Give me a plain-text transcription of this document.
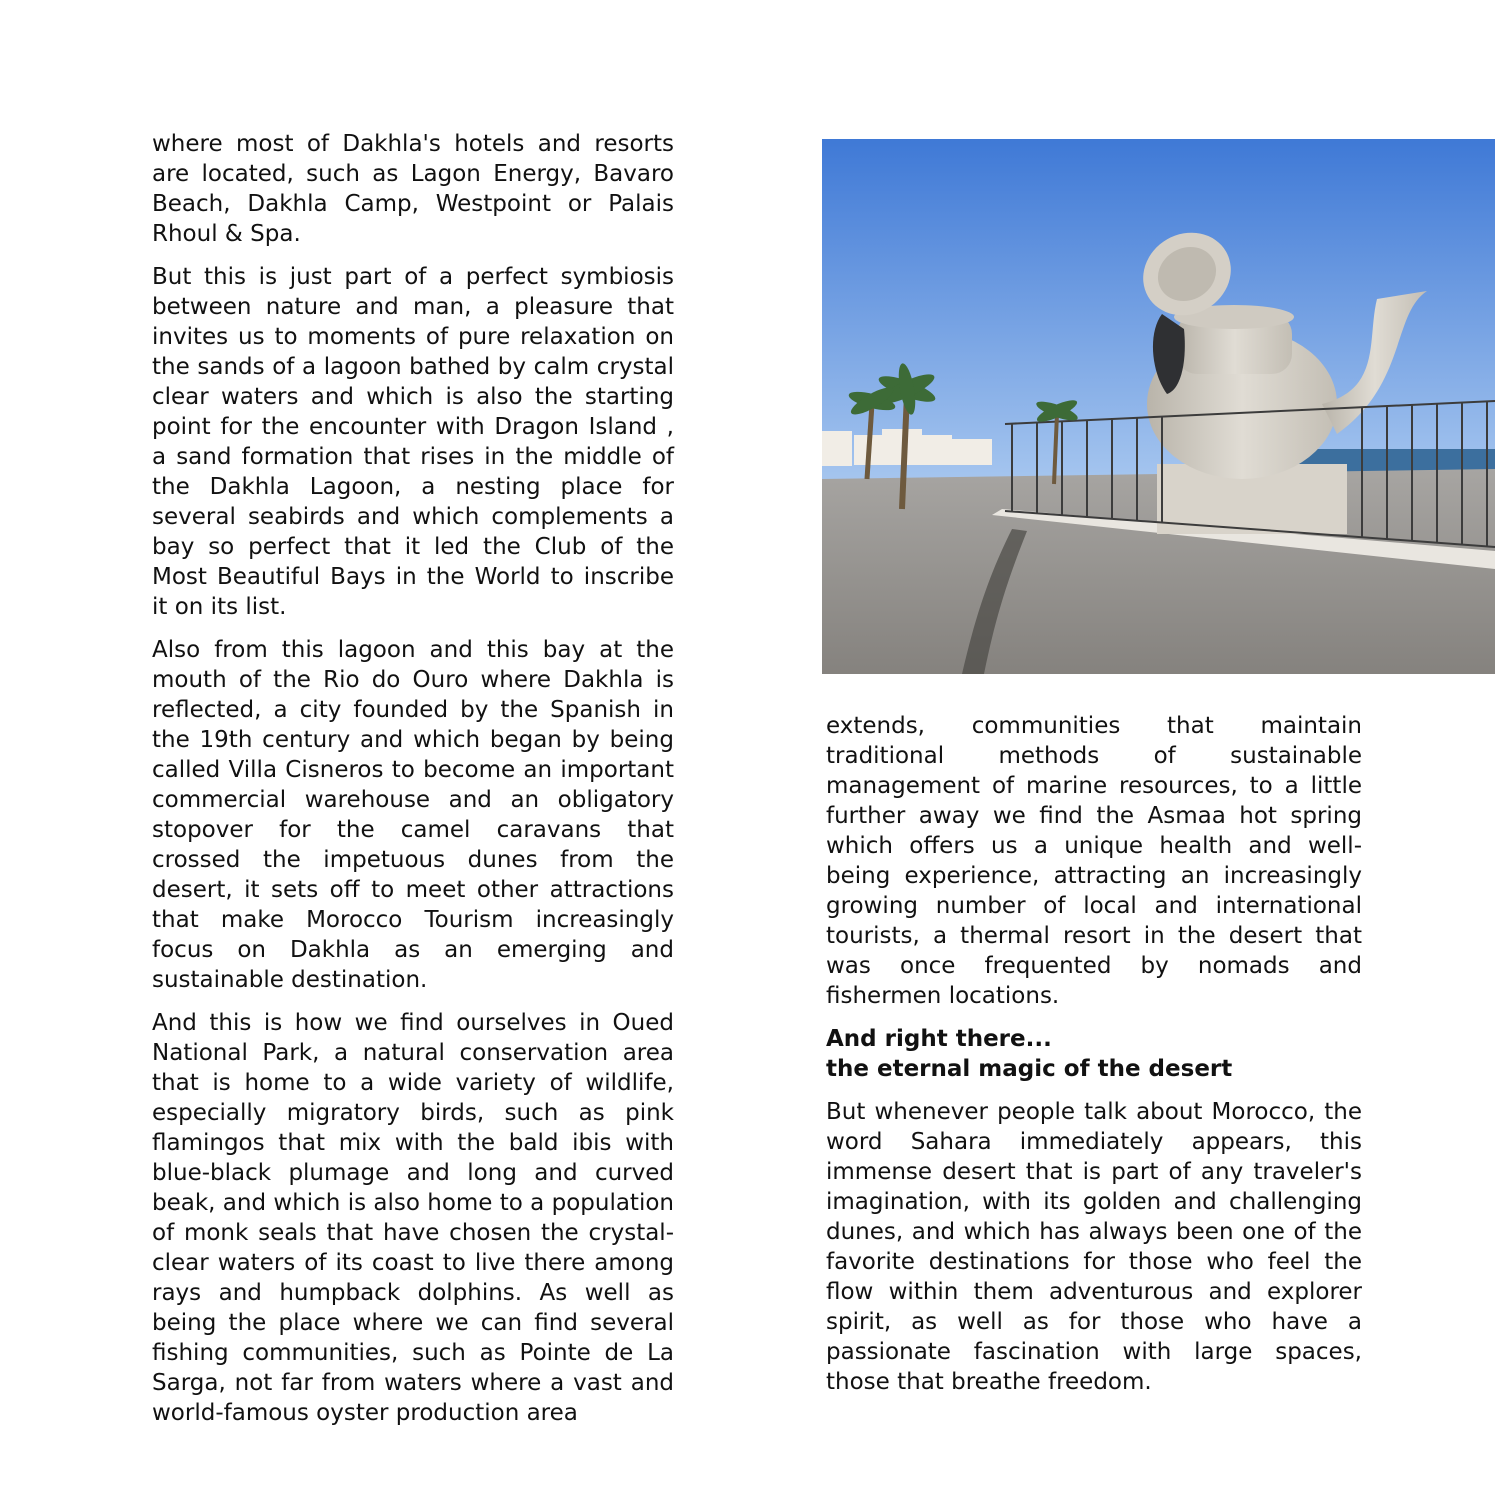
where most of Dakhla's hotels and resorts are located, such as Lagon Energy, Bavaro Beach, Dakhla Camp, Westpoint or Palais Rhoul & Spa.

But this is just part of a perfect symbiosis between nature and man, a pleasure that invites us to moments of pure relaxation on the sands of a lagoon bathed by calm crystal clear waters and which is also the starting point for the encounter with Dragon Island , a sand formation that rises in the middle of the Dakhla Lagoon, a nesting place for several seabirds and which complements a bay so perfect that it led the Club of the Most Beautiful Bays in the World to inscribe it on its list.

Also from this lagoon and this bay at the mouth of the Rio do Ouro where Dakhla is reflected, a city founded by the Spanish in the 19th century and which began by being called Villa Cisneros to become an important commercial warehouse and an obligatory stopover for the camel caravans that crossed the impetuous dunes from the desert, it sets off to meet other attractions that make Morocco Tourism increasingly focus on Dakhla as an emerging and sustainable destination.

And this is how we find ourselves in Oued National Park, a natural conservation area that is home to a wide variety of wildlife, especially migratory birds, such as pink flamingos that mix with the bald ibis with blue-black plumage and long and curved beak, and which is also home to a population of monk seals that have chosen the crystal-clear waters of its coast to live there among rays and humpback dolphins. As well as being the place where we can find several fishing communities, such as Pointe de La Sarga, not far from waters where a vast and world-famous oyster production area

extends, communities that maintain traditional methods of sustainable management of marine resources, to a little further away we find the Asmaa hot spring which offers us a unique health and well-being experience, attracting an increasingly growing number of local and international tourists, a thermal resort in the desert that was once frequented by nomads and fishermen locations.

And right there...
the eternal magic of the desert

But whenever people talk about Morocco, the word Sahara immediately appears, this immense desert that is part of any traveler's imagination, with its golden and challenging dunes, and which has always been one of the favorite destinations for those who feel the flow within them adventurous and explorer spirit, as well as for those who have a passionate fascination with large spaces, those that breathe freedom.
